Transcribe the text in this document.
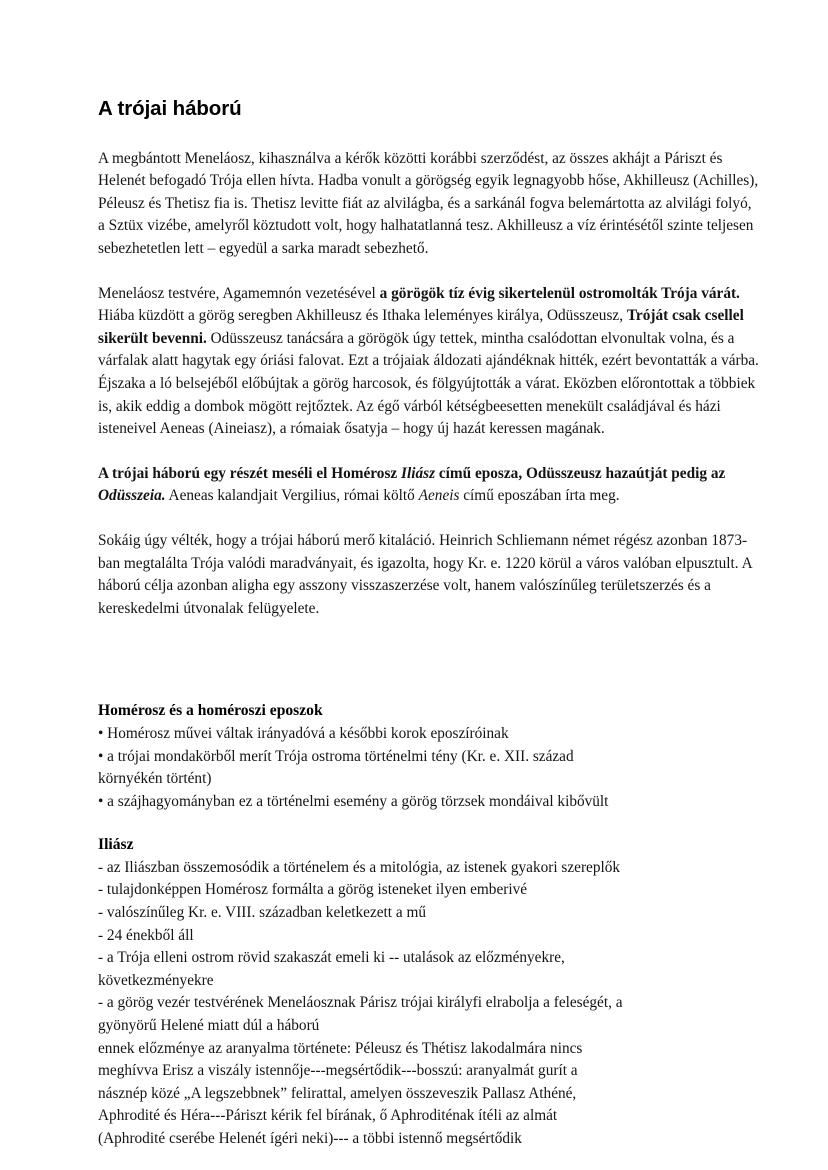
A trójai háború

A megbántott Meneláosz, kihasználva a kérők közötti korábbi szerződést, az összes akhájt a Páriszt és Helenét befogadó Trója ellen hívta. Hadba vonult a görögség egyik legnagyobb hőse, Akhilleusz (Achilles), Péleusz és Thetisz fia is. Thetisz levitte fiát az alvilágba, és a sarkánál fogva belemártotta az alvilági folyó, a Sztüx vizébe, amelyről köztudott volt, hogy halhatatlanná tesz. Akhilleusz a víz érintésétől szinte teljesen sebezhetetlen lett – egyedül a sarka maradt sebezhető.

Meneláosz testvére, Agamemnón vezetésével a görögök tíz évig sikertelenül ostromolták Trója várát. Hiába küzdött a görög seregben Akhilleusz és Ithaka leleményes királya, Odüsszeusz, Tróját csak csellel sikerült bevenni. Odüsszeusz tanácsára a görögök úgy tettek, mintha csalódottan elvonultak volna, és a várfalak alatt hagytak egy óriási falovat. Ezt a trójaiak áldozati ajándéknak hitték, ezért bevontatták a várba. Éjszaka a ló belsejéből előbújtak a görög harcosok, és fölgyújtották a várat. Eközben előrontottak a többiek is, akik eddig a dombok mögött rejtőztek. Az égő várból kétségbeesetten menekült családjával és házi isteneivel Aeneas (Aineiasz), a rómaiak ősatyja – hogy új hazát keressen magának.

A trójai háború egy részét meséli el Homérosz Iliász című eposza, Odüsszeusz hazaútját pedig az Odüsszeia. Aeneas kalandjait Vergilius, római költő Aeneis című eposzában írta meg.

Sokáig úgy vélték, hogy a trójai háború merő kitaláció. Heinrich Schliemann német régész azonban 1873-ban megtalálta Trója valódi maradványait, és igazolta, hogy Kr. e. 1220 körül a város valóban elpusztult. A háború célja azonban aligha egy asszony visszaszerzése volt, hanem valószínűleg területszerzés és a kereskedelmi útvonalak felügyelete.

Homérosz és a homéroszi eposzok
• Homérosz művei váltak irányadóvá a későbbi korok eposzíróinak
• a trójai mondakörből merít Trója ostroma történelmi tény (Kr. e. XII. század
környékén történt)
• a szájhagyományban ez a történelmi esemény a görög törzsek mondáival kibővült
Iliász
- az Iliászban összemosódik a történelem és a mitológia, az istenek gyakori szereplők
- tulajdonképpen Homérosz formálta a görög isteneket ilyen emberivé
- valószínűleg Kr. e. VIII. században keletkezett a mű
- 24 énekből áll
- a Trója elleni ostrom rövid szakaszát emeli ki -- utalások az előzményekre,
következményekre
- a görög vezér testvérének Meneláosznak Párisz trójai királyfi elrabolja a feleségét, a
gyönyörű Helené miatt dúl a háború
ennek előzménye az aranyalma története: Péleusz és Thétisz lakodalmára nincs
meghívva Erisz a viszály istennője---megsértődik---bosszú: aranyalmát gurít a
násznép közé „A legszebbnek” felirattal, amelyen összeveszik Pallasz Athéné,
Aphrodité és Héra---Páriszt kérik fel bírának, ő Aphroditénak ítéli az almát
(Aphrodité cserébe Helenét ígéri neki)--- a többi istennő megsértődik
